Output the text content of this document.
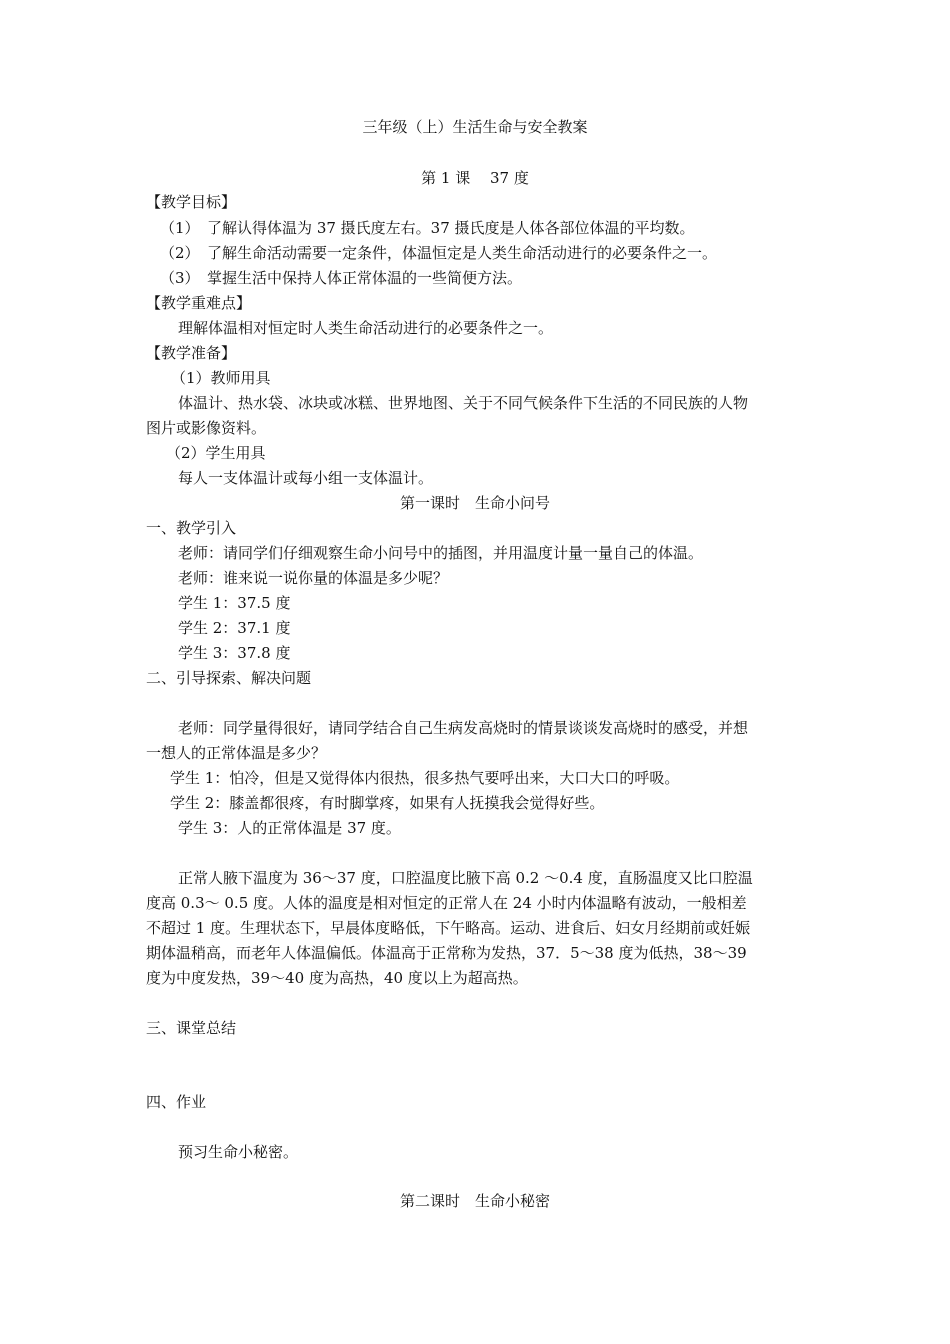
三年级（上）生活生命与安全教案
第 1 课　 37 度
【教学目标】
（1）　了解认得体温为 37 摄氏度左右。37 摄氏度是人体各部位体温的平均数。
（2）　了解生命活动需要一定条件，体温恒定是人类生命活动进行的必要条件之一。
（3）　掌握生活中保持人体正常体温的一些简便方法。
【教学重难点】
理解体温相对恒定时人类生命活动进行的必要条件之一。
【教学准备】
（1）教师用具
体温计、热水袋、冰块或冰糕、世界地图、关于不同气候条件下生活的不同民族的人物
图片或影像资料。
（2）学生用具
每人一支体温计或每小组一支体温计。
第一课时　生命小问号
一、教学引入
老师：请同学们仔细观察生命小问号中的插图，并用温度计量一量自己的体温。
老师：谁来说一说你量的体温是多少呢？
学生 1：37.5 度
学生 2：37.1 度
学生 3：37.8 度
二、引导探索、解决问题
老师：同学量得很好，请同学结合自己生病发高烧时的情景谈谈发高烧时的感受，并想
一想人的正常体温是多少？
学生 1：怕冷，但是又觉得体内很热，很多热气要呼出来，大口大口的呼吸。
学生 2：膝盖都很疼，有时脚掌疼，如果有人抚摸我会觉得好些。
学生 3：人的正常体温是 37 度。
正常人腋下温度为 36～37 度，口腔温度比腋下高 0.2 ～0.4 度，直肠温度又比口腔温
度高 0.3～ 0.5 度。人体的温度是相对恒定的正常人在 24 小时内体温略有波动，一般相差
不超过 1 度。生理状态下，早晨体度略低，下午略高。运动、进食后、妇女月经期前或妊娠
期体温稍高，而老年人体温偏低。体温高于正常称为发热，37．5～38 度为低热，38～39
度为中度发热，39～40 度为高热，40 度以上为超高热。
三、课堂总结
四、作业
预习生命小秘密。
第二课时　生命小秘密
